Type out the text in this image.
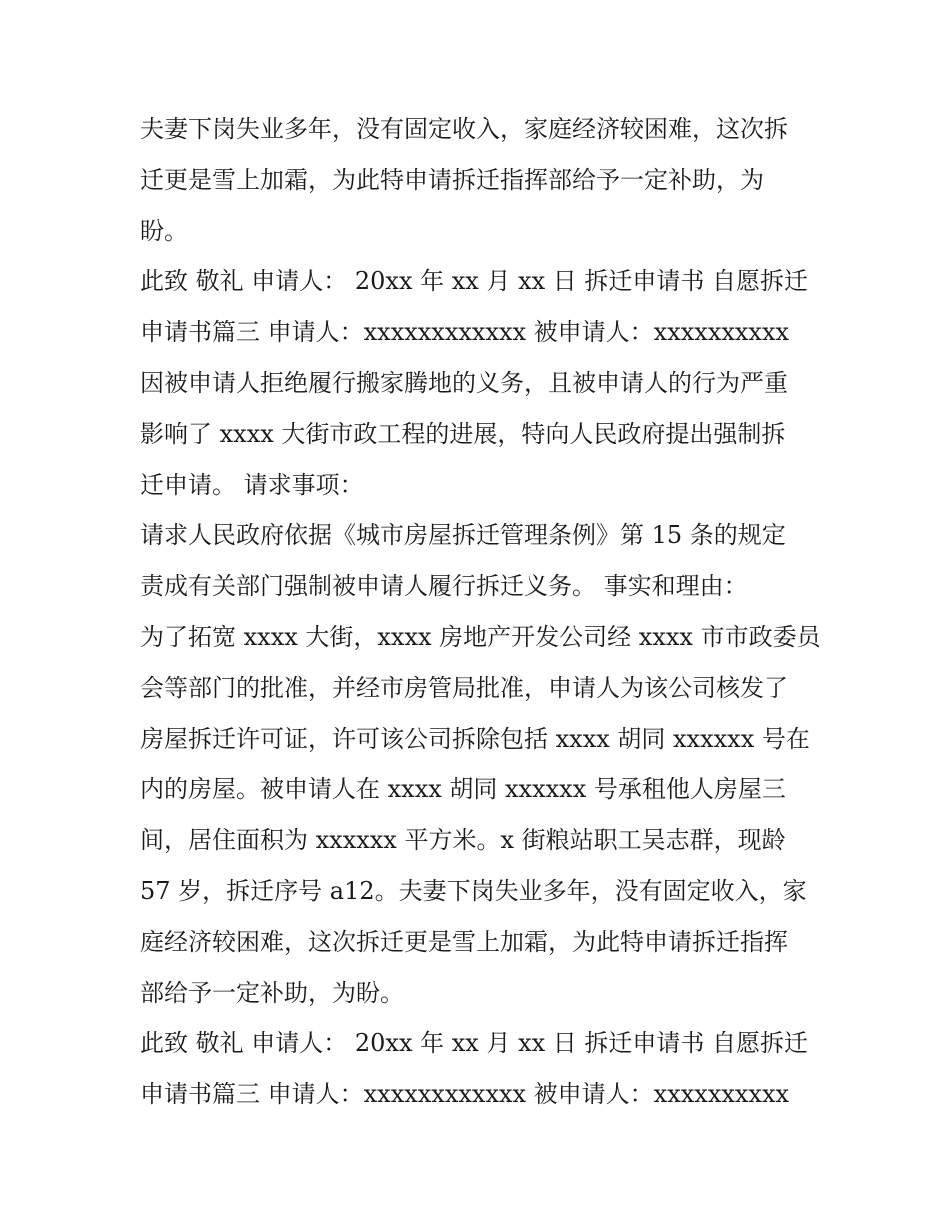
夫妻下岗失业多年，没有固定收入，家庭经济较困难，这次拆
迁更是雪上加霜，为此特申请拆迁指挥部给予一定补助，为
盼。
此致 敬礼 申请人： 20xx 年 xx 月 xx 日 拆迁申请书 自愿拆迁
申请书篇三 申请人：xxxxxxxxxxxx 被申请人：xxxxxxxxxx
因被申请人拒绝履行搬家腾地的义务，且被申请人的行为严重
影响了 xxxx 大街市政工程的进展，特向人民政府提出强制拆
迁申请。 请求事项：
请求人民政府依据《城市房屋拆迁管理条例》第 15 条的规定
责成有关部门强制被申请人履行拆迁义务。 事实和理由：
为了拓宽 xxxx 大街，xxxx 房地产开发公司经 xxxx 市市政委员
会等部门的批准，并经市房管局批准，申请人为该公司核发了
房屋拆迁许可证，许可该公司拆除包括 xxxx 胡同 xxxxxx 号在
内的房屋。被申请人在 xxxx 胡同 xxxxxx 号承租他人房屋三
间，居住面积为 xxxxxx 平方米。x 街粮站职工吴志群，现龄
57 岁，拆迁序号 a12。夫妻下岗失业多年，没有固定收入，家
庭经济较困难，这次拆迁更是雪上加霜，为此特申请拆迁指挥
部给予一定补助，为盼。
此致 敬礼 申请人： 20xx 年 xx 月 xx 日 拆迁申请书 自愿拆迁
申请书篇三 申请人：xxxxxxxxxxxx 被申请人：xxxxxxxxxx
